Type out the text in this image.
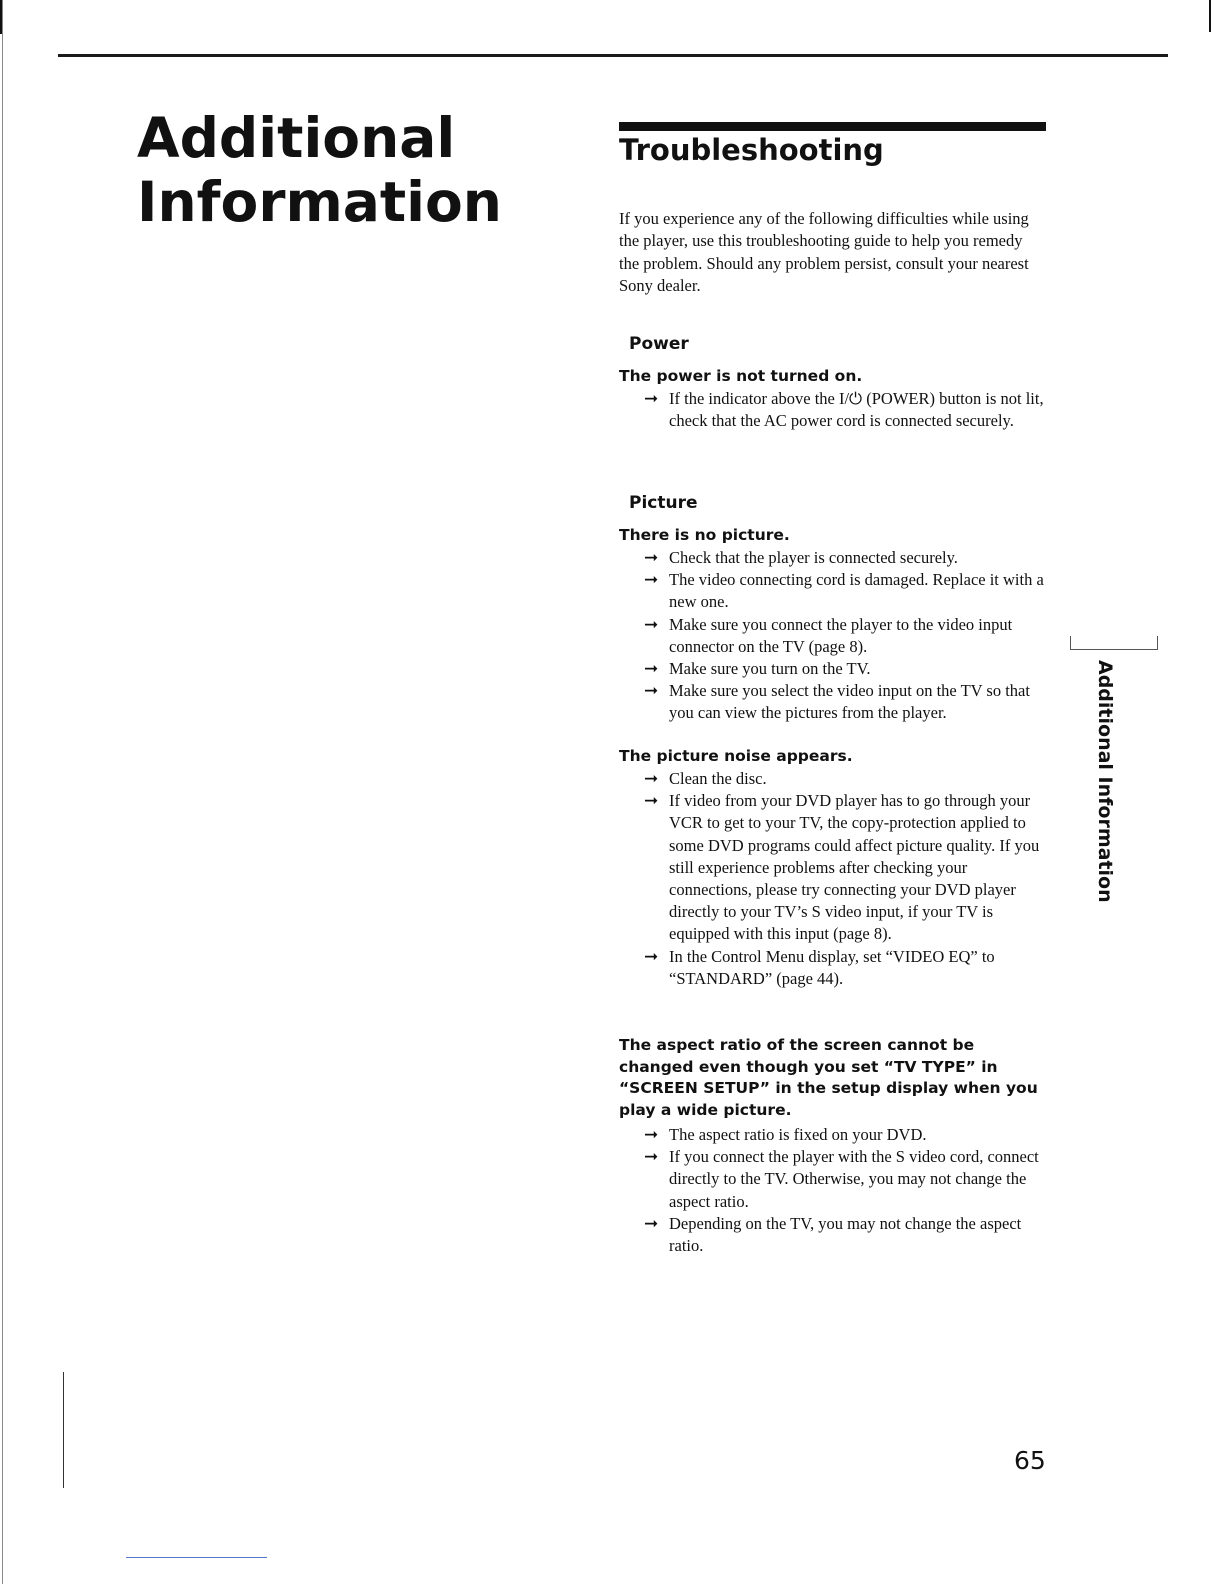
Additional Information
Troubleshooting

If you experience any of the following difficulties while using the player, use this troubleshooting guide to help you remedy the problem. Should any problem persist, consult your nearest Sony dealer.

Power
The power is not turned on.
➞ If the indicator above the I/⏻ (POWER) button is not lit, check that the AC power cord is connected securely.
Picture
There is no picture.
➞ Check that the player is connected securely.
➞ The video connecting cord is damaged. Replace it with a new one.
➞ Make sure you connect the player to the video input connector on the TV (page 8).
➞ Make sure you turn on the TV.
➞ Make sure you select the video input on the TV so that you can view the pictures from the player.
The picture noise appears.
➞ Clean the disc.
➞ If video from your DVD player has to go through your VCR to get to your TV, the copy-protection applied to some DVD programs could affect picture quality. If you still experience problems after checking your connections, please try connecting your DVD player directly to your TV’s S video input, if your TV is equipped with this input (page 8).
➞ In the Control Menu display, set “VIDEO EQ” to “STANDARD” (page 44).
The aspect ratio of the screen cannot be changed even though you set “TV TYPE” in “SCREEN SETUP” in the setup display when you play a wide picture.
➞ The aspect ratio is fixed on your DVD.
➞ If you connect the player with the S video cord, connect directly to the TV. Otherwise, you may not change the aspect ratio.
➞ Depending on the TV, you may not change the aspect ratio.
Additional Information

65
